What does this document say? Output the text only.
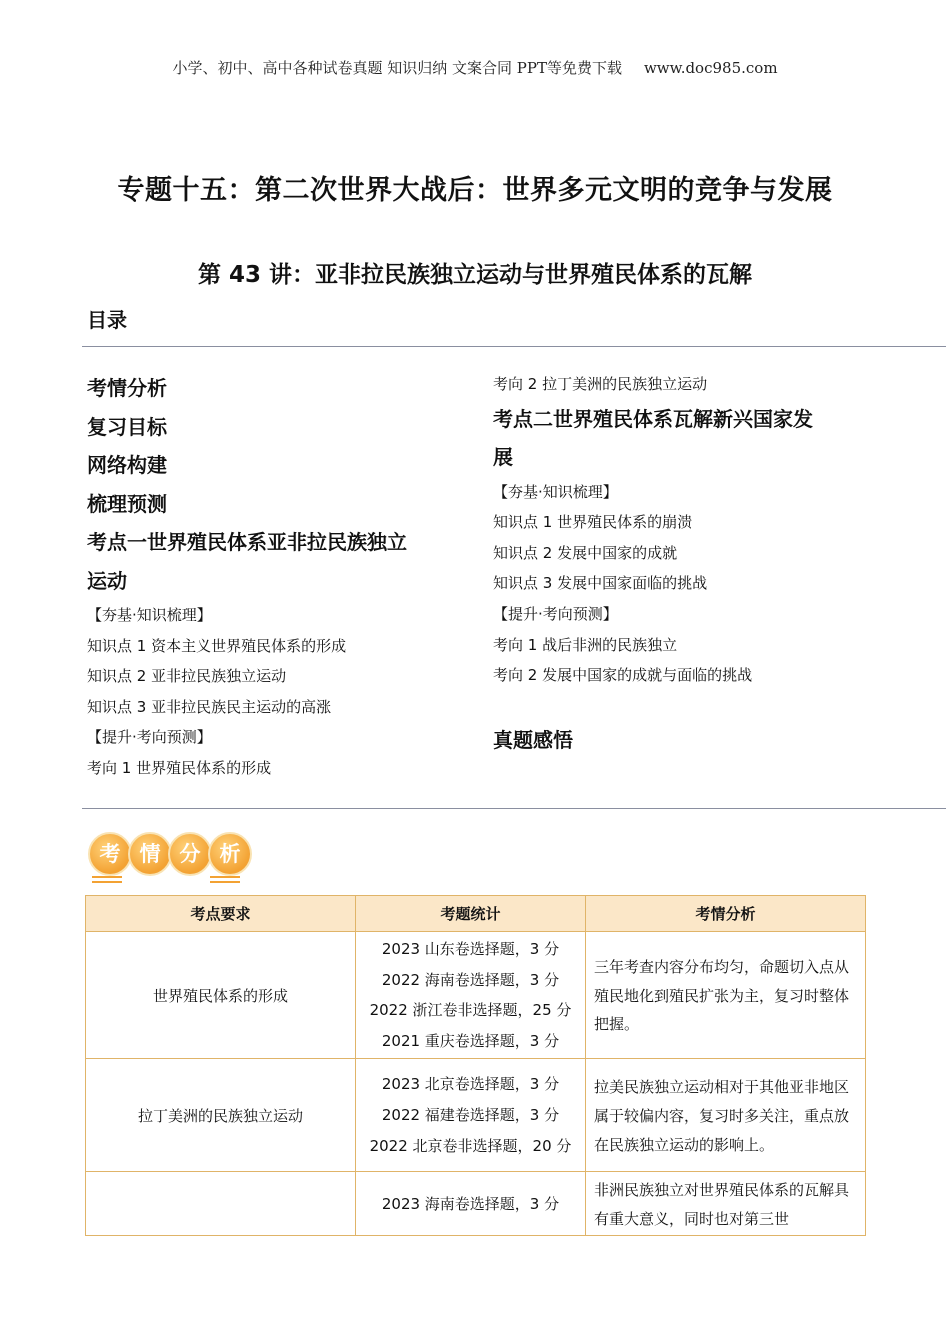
小学、初中、高中各种试卷真题 知识归纳 文案合同 PPT等免费下载 www.doc985.com
专题十五：第二次世界大战后：世界多元文明的竞争与发展
第 43 讲：亚非拉民族独立运动与世界殖民体系的瓦解
目录
考情分析
复习目标
网络构建
梳理预测
考点一世界殖民体系亚非拉民族独立
运动
【夯基·知识梳理】
知识点 1 资本主义世界殖民体系的形成
知识点 2 亚非拉民族独立运动
知识点 3 亚非拉民族民主运动的高涨
【提升·考向预测】
考向 1 世界殖民体系的形成
考向 2 拉丁美洲的民族独立运动
考点二世界殖民体系瓦解新兴国家发
展
【夯基·知识梳理】
知识点 1 世界殖民体系的崩溃
知识点 2 发展中国家的成就
知识点 3 发展中国家面临的挑战
【提升·考向预测】
考向 1 战后非洲的民族独立
考向 2 发展中国家的成就与面临的挑战

真题感悟
考 情 分 析
考点要求	考题统计	考情分析
世界殖民体系的形成	2023 山东卷选择题，3 分
2022 海南卷选择题，3 分
2022 浙江卷非选择题，25 分
2021 重庆卷选择题，3 分	三年考查内容分布均匀，命题切入点从殖民地化到殖民扩张为主，复习时整体把握。
拉丁美洲的民族独立运动	2023 北京卷选择题，3 分
2022 福建卷选择题，3 分
2022 北京卷非选择题，20 分	拉美民族独立运动相对于其他亚非地区属于较偏内容，复习时多关注，重点放在民族独立运动的影响上。

	2023 海南卷选择题，3 分	非洲民族独立对世界殖民体系的瓦解具有重大意义，同时也对第三世
